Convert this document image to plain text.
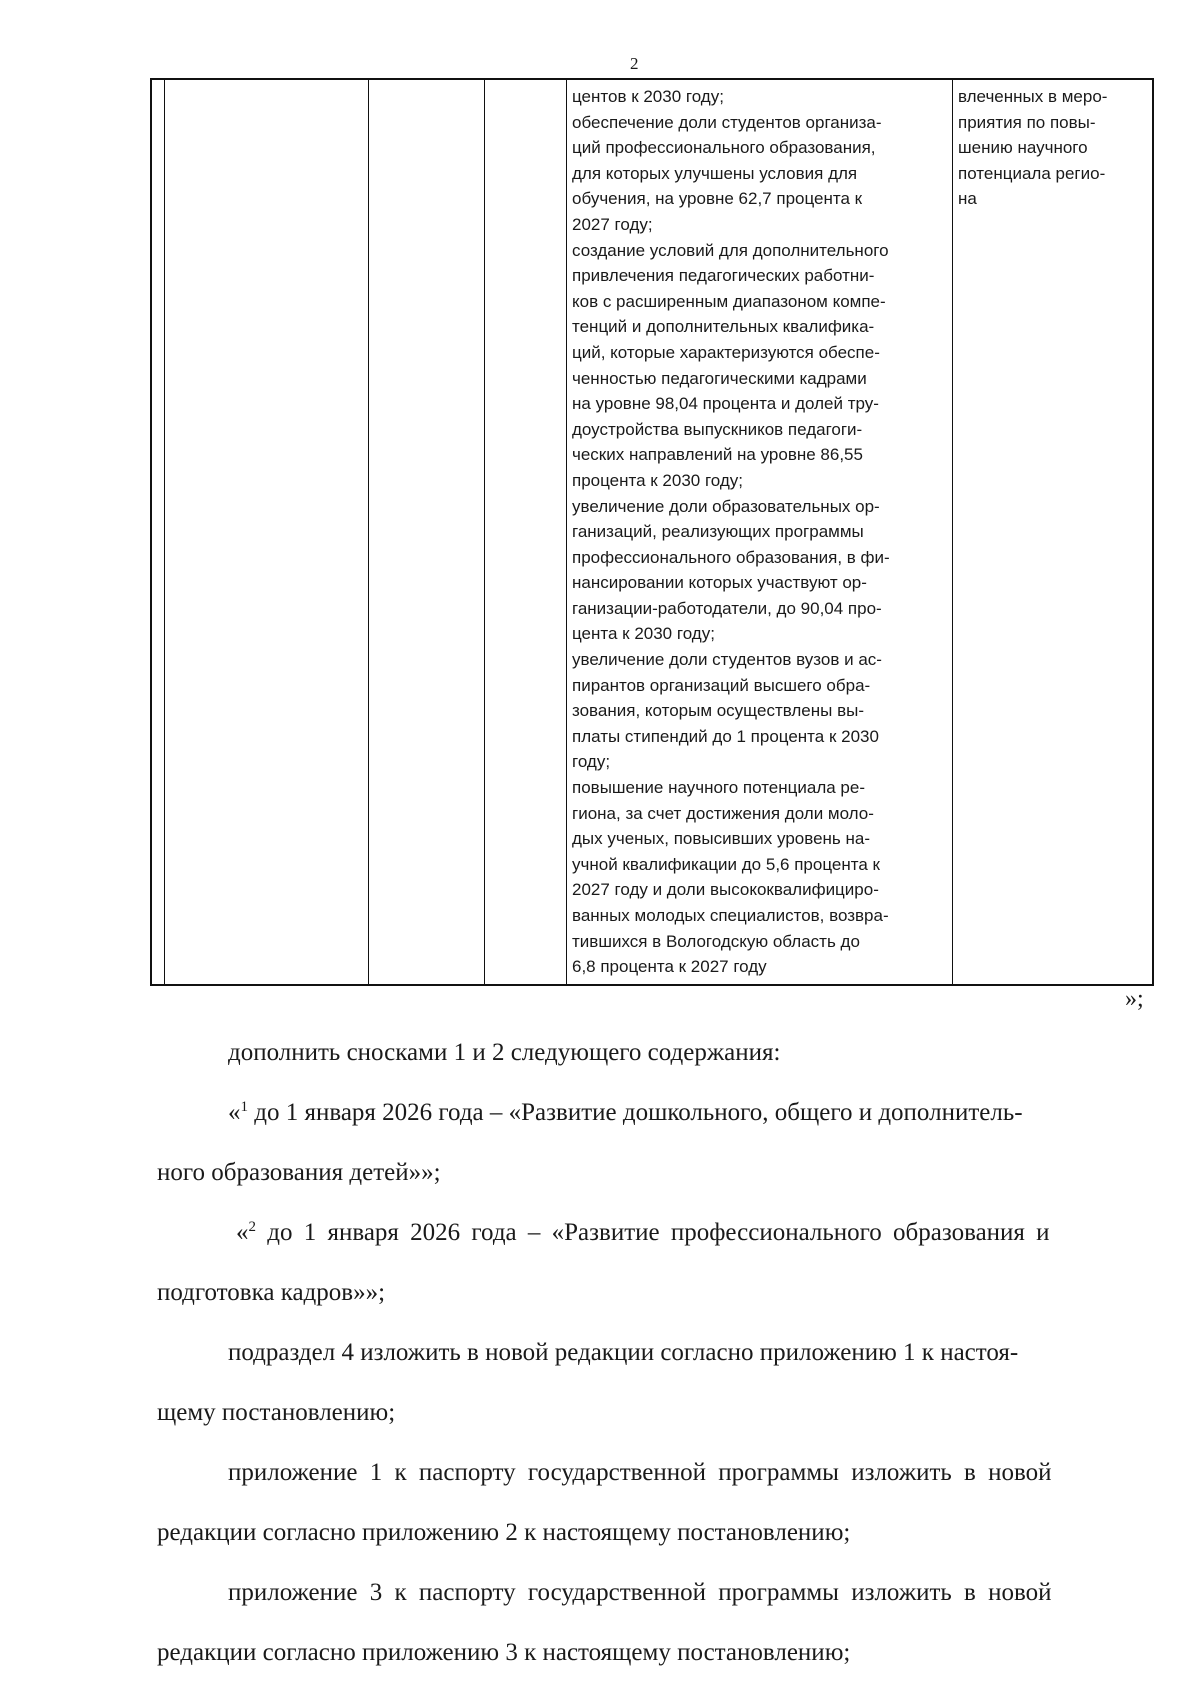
2
центов к 2030 году;
обеспечение доли студентов организа-
ций профессионального образования,
для которых улучшены условия для
обучения, на уровне 62,7 процента к
2027 году;
создание условий для дополнительного
привлечения педагогических работни-
ков с расширенным диапазоном компе-
тенций и дополнительных квалифика-
ций, которые характеризуются обеспе-
ченностью педагогическими кадрами
на уровне 98,04 процента и долей тру-
доустройства выпускников педагоги-
ческих направлений на уровне 86,55
процента к 2030 году;
увеличение доли образовательных ор-
ганизаций, реализующих программы
профессионального образования, в фи-
нансировании которых участвуют ор-
ганизации-работодатели, до 90,04 про-
цента к 2030 году;
увеличение доли студентов вузов и ас-
пирантов организаций высшего обра-
зования, которым осуществлены вы-
платы стипендий до 1 процента к 2030
году;
повышение научного потенциала ре-
гиона, за счет достижения доли моло-
дых ученых, повысивших уровень на-
учной квалификации до 5,6 процента к
2027 году и доли высококвалифициро-
ванных молодых специалистов, возвра-
тившихся в Вологодскую область до
6,8 процента к 2027 году
влеченных в меро-
приятия по повы-
шению научного
потенциала регио-
на
»;
дополнить сносками 1 и 2 следующего содержания:
«$^1$ до 1 января 2026 года – «Развитие дошкольного, общего и дополнитель-
ного образования детей»»;
«$^2$ до 1 января 2026 года – «Развитие профессионального образования и
подготовка кадров»»;
подраздел 4 изложить в новой редакции согласно приложению 1 к настоя-
щему постановлению;
приложение 1 к паспорту государственной программы изложить в новой
редакции согласно приложению 2 к настоящему постановлению;
приложение 3 к паспорту государственной программы изложить в новой
редакции согласно приложению 3 к настоящему постановлению;
